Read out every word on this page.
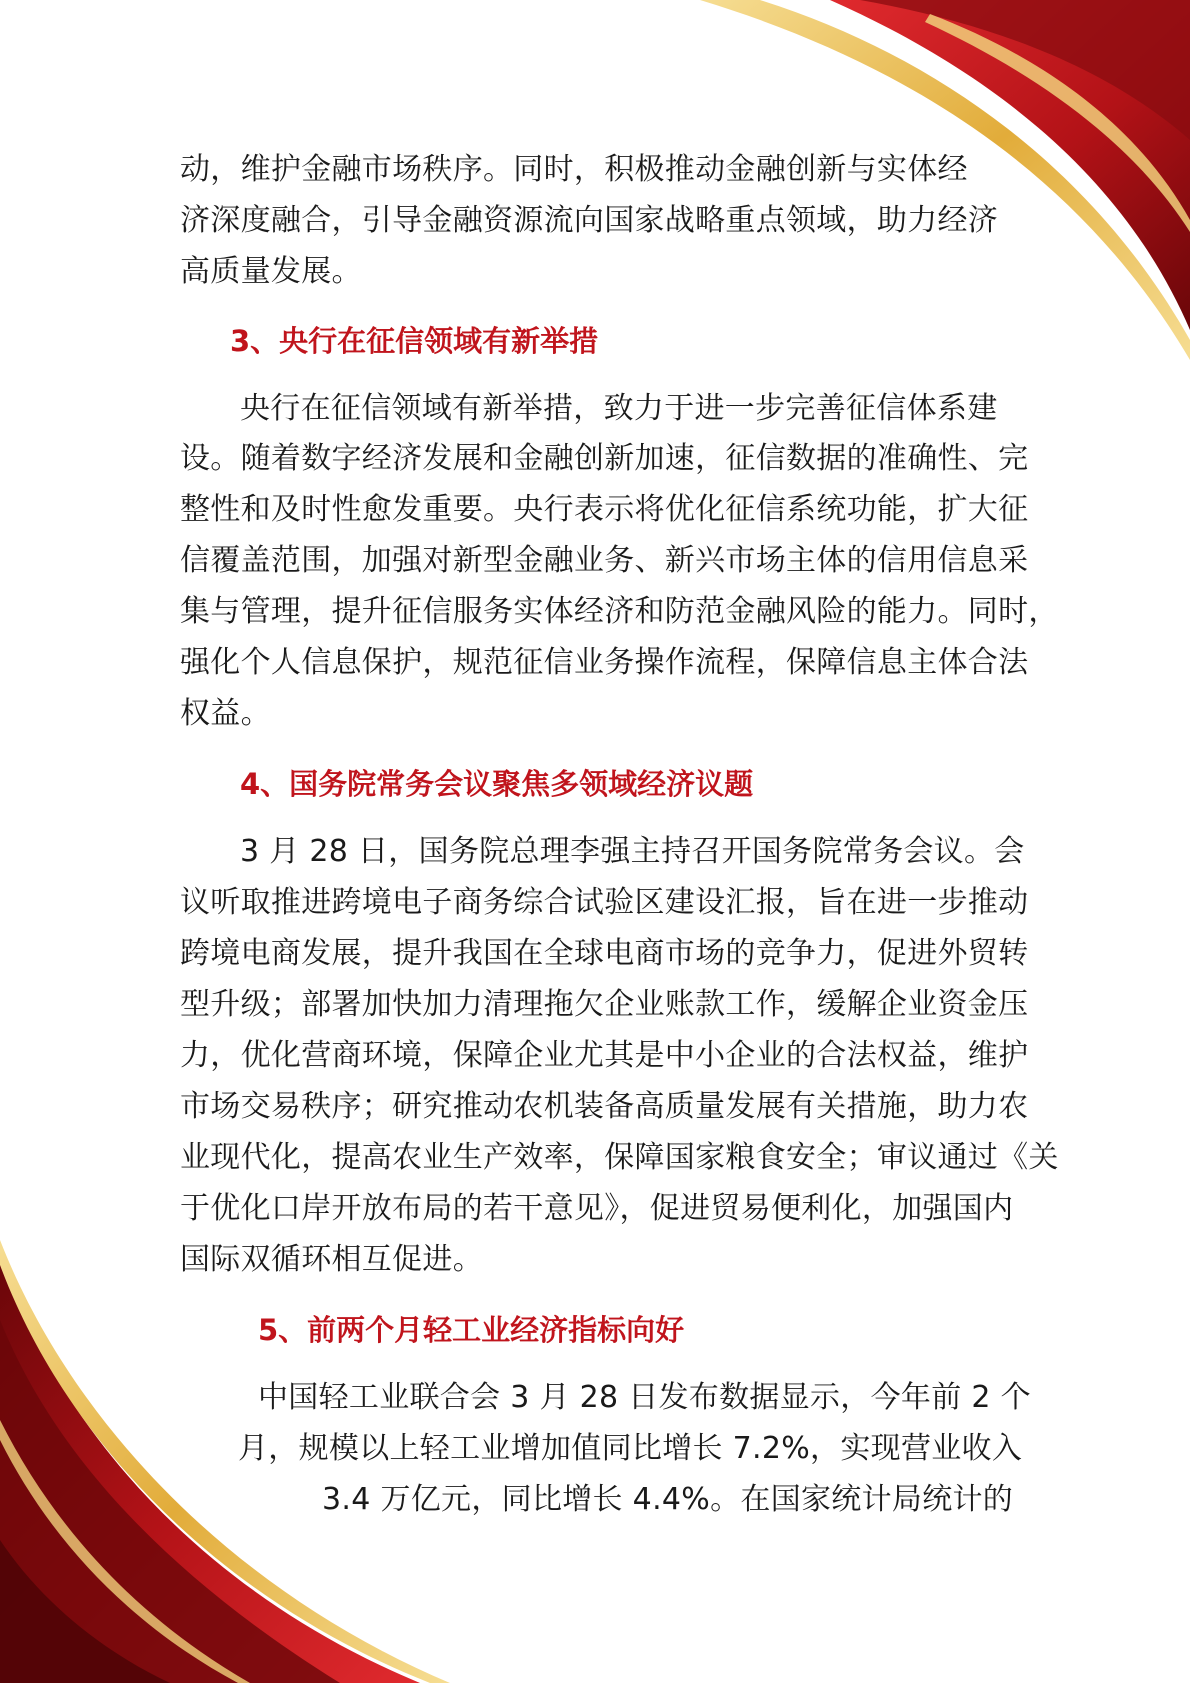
动，维护金融市场秩序。同时，积极推动金融创新与实体经
济深度融合，引导金融资源流向国家战略重点领域，助力经济
高质量发展。
3、央行在征信领域有新举措
央行在征信领域有新举措，致力于进一步完善征信体系建
设。随着数字经济发展和金融创新加速，征信数据的准确性、完
整性和及时性愈发重要。央行表示将优化征信系统功能，扩大征
信覆盖范围，加强对新型金融业务、新兴市场主体的信用信息采
集与管理，提升征信服务实体经济和防范金融风险的能力。同时，
强化个人信息保护，规范征信业务操作流程，保障信息主体合法
权益。
4、国务院常务会议聚焦多领域经济议题
3 月 28 日，国务院总理李强主持召开国务院常务会议。会
议听取推进跨境电子商务综合试验区建设汇报，旨在进一步推动
跨境电商发展，提升我国在全球电商市场的竞争力，促进外贸转
型升级；部署加快加力清理拖欠企业账款工作，缓解企业资金压
力，优化营商环境，保障企业尤其是中小企业的合法权益，维护
市场交易秩序；研究推动农机装备高质量发展有关措施，助力农
业现代化，提高农业生产效率，保障国家粮食安全；审议通过《关
于优化口岸开放布局的若干意见》，促进贸易便利化，加强国内
国际双循环相互促进。
5、前两个月轻工业经济指标向好
中国轻工业联合会 3 月 28 日发布数据显示，今年前 2 个
月，规模以上轻工业增加值同比增长 7.2%，实现营业收入
3.4 万亿元，同比增长 4.4%。在国家统计局统计的
